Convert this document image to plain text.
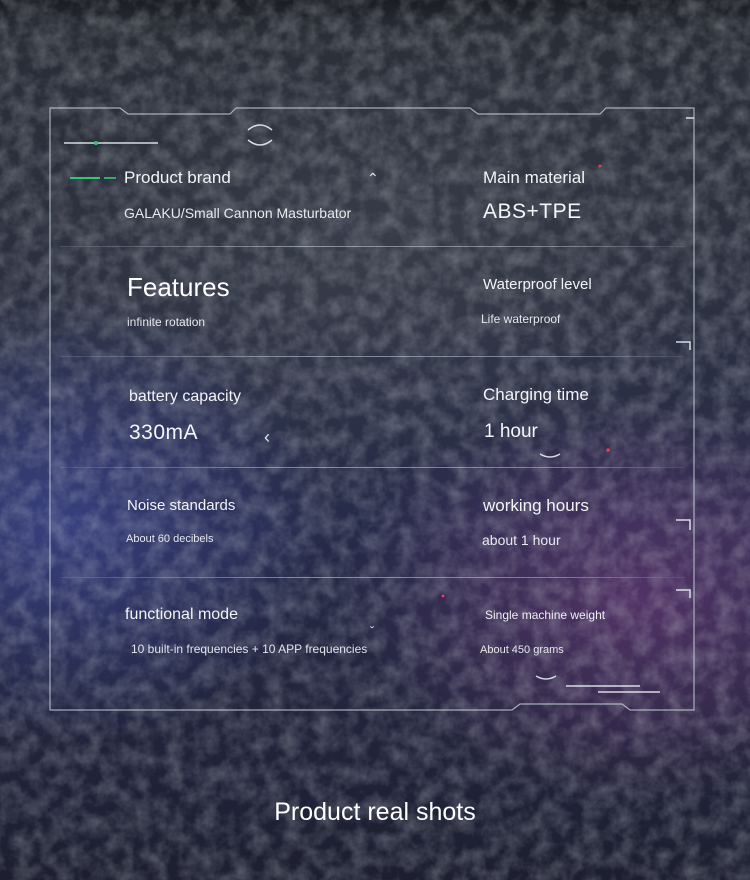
⌃
‹
ˇ
Product brand
GALAKU/Small Cannon Masturbator
Main material
ABS+TPE
Features
infinite rotation
Waterproof level
Life waterproof
battery capacity
330mA
Charging time
1 hour
Noise standards
About 60 decibels
working hours
about 1 hour
functional mode
10 built-in frequencies + 10 APP frequencies
Single machine weight
About 450 grams
Product real shots
